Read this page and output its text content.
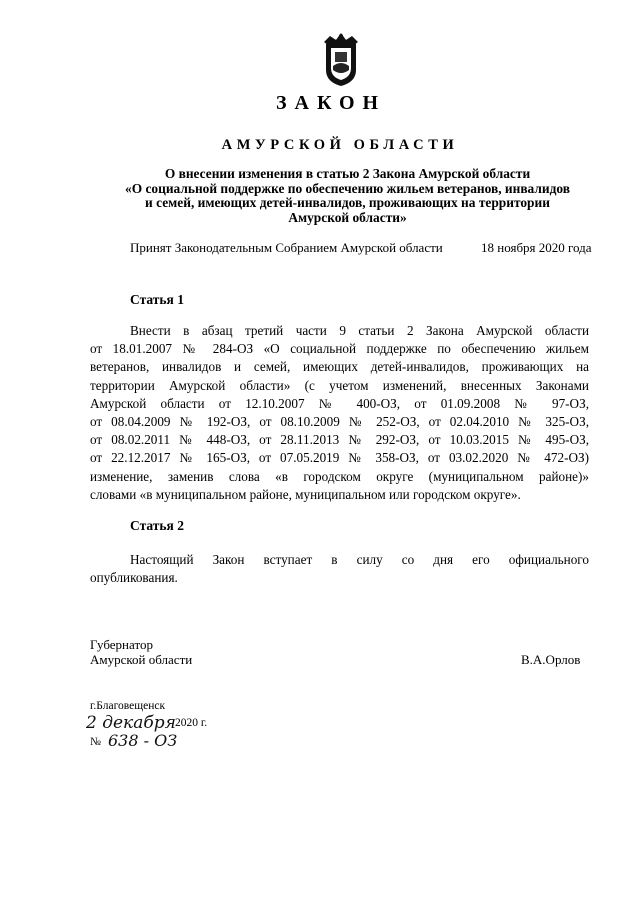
ЗАКОН
АМУРСКОЙ ОБЛАСТИ
О внесении изменения в статью 2 Закона Амурской области
«О социальной поддержке по обеспечению жильем ветеранов, инвалидов
и семей, имеющих детей-инвалидов, проживающих на территории
Амурской области»
Принят Законодательным Собранием Амурской области	18 ноября 2020 года
Статья 1
Внести в абзац третий части 9 статьи 2 Закона Амурской области
от 18.01.2007 № 284-ОЗ «О социальной поддержке по обеспечению жильем
ветеранов, инвалидов и семей, имеющих детей-инвалидов, проживающих на
территории Амурской области» (с учетом изменений, внесенных Законами
Амурской области от 12.10.2007 № 400-ОЗ, от 01.09.2008 № 97-ОЗ,
от 08.04.2009 № 192-ОЗ, от 08.10.2009 № 252-ОЗ, от 02.04.2010 № 325-ОЗ,
от 08.02.2011 № 448-ОЗ, от 28.11.2013 № 292-ОЗ, от 10.03.2015 № 495-ОЗ,
от 22.12.2017 № 165-ОЗ, от 07.05.2019 № 358-ОЗ, от 03.02.2020 № 472-ОЗ)
изменение, заменив слова «в городском округе (муниципальном районе)»
словами «в муниципальном районе, муниципальном или городском округе».
Статья 2
Настоящий Закон вступает в силу со дня его официального
опубликования.
Губернатор
Амурской области	В.А.Орлов
г.Благовещенск
2 декабря 2020 г.
№ 638 - ОЗ
